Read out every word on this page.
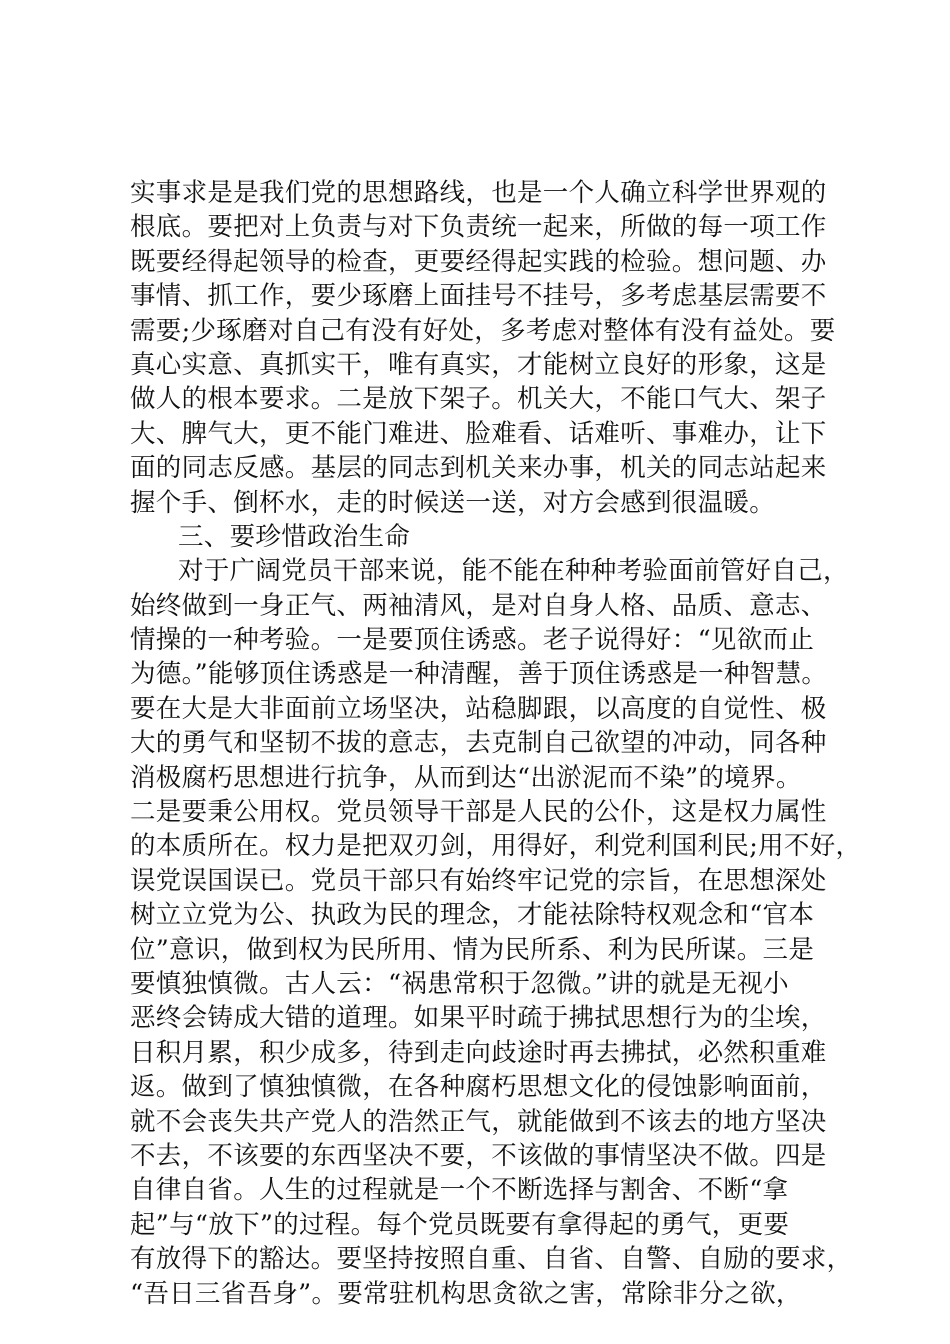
实事求是是我们党的思想路线，也是一个人确立科学世界观的
根底。要把对上负责与对下负责统一起来，所做的每一项工作
既要经得起领导的检查，更要经得起实践的检验。想问题、办
事情、抓工作，要少琢磨上面挂号不挂号，多考虑基层需要不
需要;少琢磨对自己有没有好处，多考虑对整体有没有益处。要
真心实意、真抓实干，唯有真实，才能树立良好的形象，这是
做人的根本要求。二是放下架子。机关大，不能口气大、架子
大、脾气大，更不能门难进、脸难看、话难听、事难办，让下
面的同志反感。基层的同志到机关来办事，机关的同志站起来
握个手、倒杯水，走的时候送一送，对方会感到很温暖。
三、要珍惜政治生命
对于广阔党员干部来说，能不能在种种考验面前管好自己，
始终做到一身正气、两袖清风，是对自身人格、品质、意志、
情操的一种考验。一是要顶住诱惑。老子说得好：“见欲而止
为德。”能够顶住诱惑是一种清醒，善于顶住诱惑是一种智慧。
要在大是大非面前立场坚决，站稳脚跟，以高度的自觉性、极
大的勇气和坚韧不拔的意志，去克制自己欲望的冲动，同各种
消极腐朽思想进行抗争，从而到达“出淤泥而不染”的境界。
二是要秉公用权。党员领导干部是人民的公仆，这是权力属性
的本质所在。权力是把双刃剑，用得好，利党利国利民;用不好，
误党误国误已。党员干部只有始终牢记党的宗旨，在思想深处
树立立党为公、执政为民的理念，才能祛除特权观念和“官本
位”意识，做到权为民所用、情为民所系、利为民所谋。三是
要慎独慎微。古人云：“祸患常积于忽微。”讲的就是无视小
恶终会铸成大错的道理。如果平时疏于拂拭思想行为的尘埃，
日积月累，积少成多，待到走向歧途时再去拂拭，必然积重难
返。做到了慎独慎微，在各种腐朽思想文化的侵蚀影响面前，
就不会丧失共产党人的浩然正气，就能做到不该去的地方坚决
不去，不该要的东西坚决不要，不该做的事情坚决不做。四是
自律自省。人生的过程就是一个不断选择与割舍、不断“拿
起”与“放下”的过程。每个党员既要有拿得起的勇气，更要
有放得下的豁达。要坚持按照自重、自省、自警、自励的要求，
“吾日三省吾身”。要常驻机构思贪欲之害，常除非分之欲，
